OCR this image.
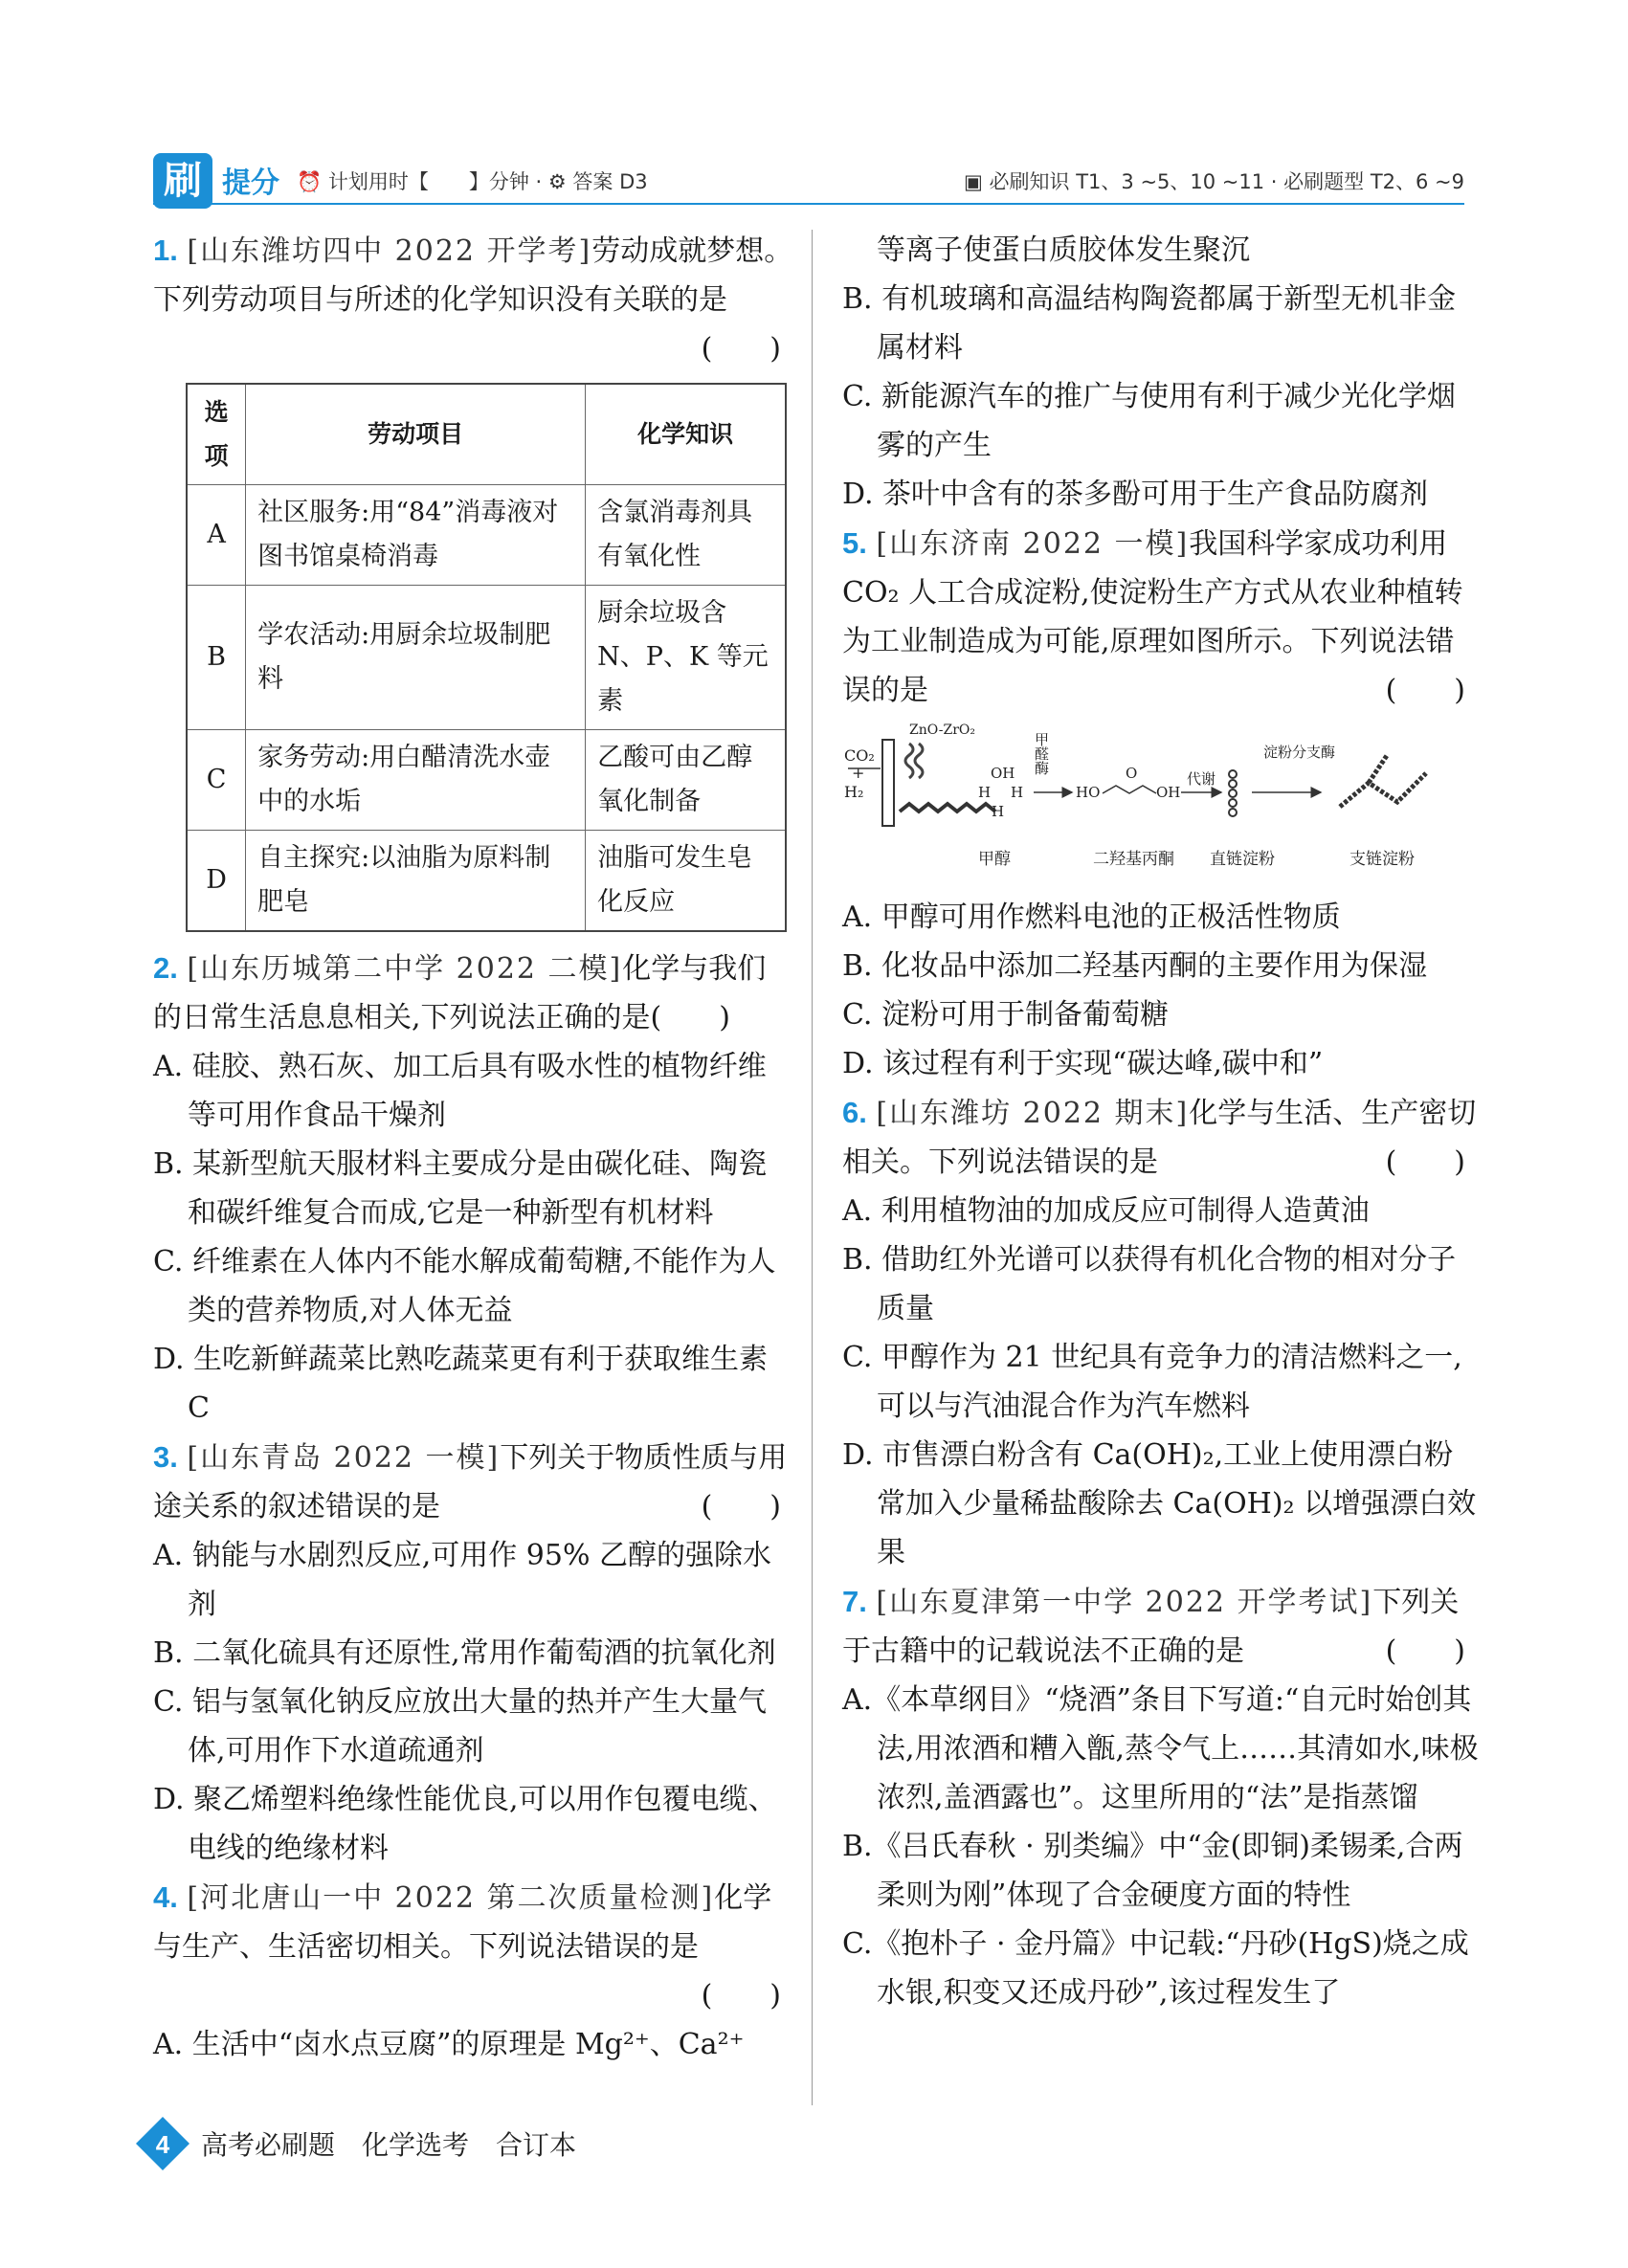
刷 提分 ⏰ 计划用时【　　】分钟 · ⚙ 答案 D3	▣ 必刷知识 T1、3 ~5、10 ~11 · 必刷题型 T2、6 ~9

1. [山东潍坊四中 2022 开学考]劳动成就梦想。下列劳动项目与所述的化学知识没有关联的是

(　　)
选项	劳动项目	化学知识
A	社区服务:用“84”消毒液对图书馆桌椅消毒	含氯消毒剂具有氧化性
B	学农活动:用厨余垃圾制肥料	厨余垃圾含 N、P、K 等元素
C	家务劳动:用白醋清洗水壶中的水垢	乙酸可由乙醇氧化制备
D	自主探究:以油脂为原料制肥皂	油脂可发生皂化反应

2. [山东历城第二中学 2022 二模]化学与我们的日常生活息息相关,下列说法正确的是(　　)

A. 硅胶、熟石灰、加工后具有吸水性的植物纤维等可用作食品干燥剂

B. 某新型航天服材料主要成分是由碳化硅、陶瓷和碳纤维复合而成,它是一种新型有机材料

C. 纤维素在人体内不能水解成葡萄糖,不能作为人类的营养物质,对人体无益

D. 生吃新鲜蔬菜比熟吃蔬菜更有利于获取维生素 C

3. [山东青岛 2022 一模]下列关于物质性质与用途关系的叙述错误的是	(　　)

A. 钠能与水剧烈反应,可用作 95% 乙醇的强除水剂

B. 二氧化硫具有还原性,常用作葡萄酒的抗氧化剂

C. 铝与氢氧化钠反应放出大量的热并产生大量气体,可用作下水道疏通剂

D. 聚乙烯塑料绝缘性能优良,可以用作包覆电缆、电线的绝缘材料

4. [河北唐山一中 2022 第二次质量检测]化学与生产、生活密切相关。下列说法错误的是

(　　)

A. 生活中“卤水点豆腐”的原理是 Mg²⁺、Ca²⁺

等离子使蛋白质胶体发生聚沉

B. 有机玻璃和高温结构陶瓷都属于新型无机非金属材料

C. 新能源汽车的推广与使用有利于减少光化学烟雾的产生

D. 茶叶中含有的茶多酚可用于生产食品防腐剂

5. [山东济南 2022 一模]我国科学家成功利用 CO₂ 人工合成淀粉,使淀粉生产方式从农业种植转为工业制造成为可能,原理如图所示。下列说法错误的是	(　　)

CO₂
+
H₂
ZnO-ZrO₂
OH
H H
H
甲醛酶
HO
O
OH
代谢
淀粉分支酶
甲醇	二羟基丙酮 直链淀粉	支链淀粉

A. 甲醇可用作燃料电池的正极活性物质

B. 化妆品中添加二羟基丙酮的主要作用为保湿

C. 淀粉可用于制备葡萄糖

D. 该过程有利于实现“碳达峰,碳中和”

6. [山东潍坊 2022 期末]化学与生活、生产密切相关。下列说法错误的是	(　　)

A. 利用植物油的加成反应可制得人造黄油

B. 借助红外光谱可以获得有机化合物的相对分子质量

C. 甲醇作为 21 世纪具有竞争力的清洁燃料之一,可以与汽油混合作为汽车燃料

D. 市售漂白粉含有 Ca(OH)₂,工业上使用漂白粉常加入少量稀盐酸除去 Ca(OH)₂ 以增强漂白效果

7. [山东夏津第一中学 2022 开学考试]下列关于古籍中的记载说法不正确的是	(　　)

A.《本草纲目》“烧酒”条目下写道:“自元时始创其法,用浓酒和糟入甑,蒸令气上……其清如水,味极浓烈,盖酒露也”。这里所用的“法”是指蒸馏

B.《吕氏春秋 · 别类编》中“金(即铜)柔锡柔,合两柔则为刚”体现了合金硬度方面的特性

C.《抱朴子 · 金丹篇》中记载:“丹砂(HgS)烧之成水银,积变又还成丹砂”,该过程发生了

4 高考必刷题　化学选考　合订本
